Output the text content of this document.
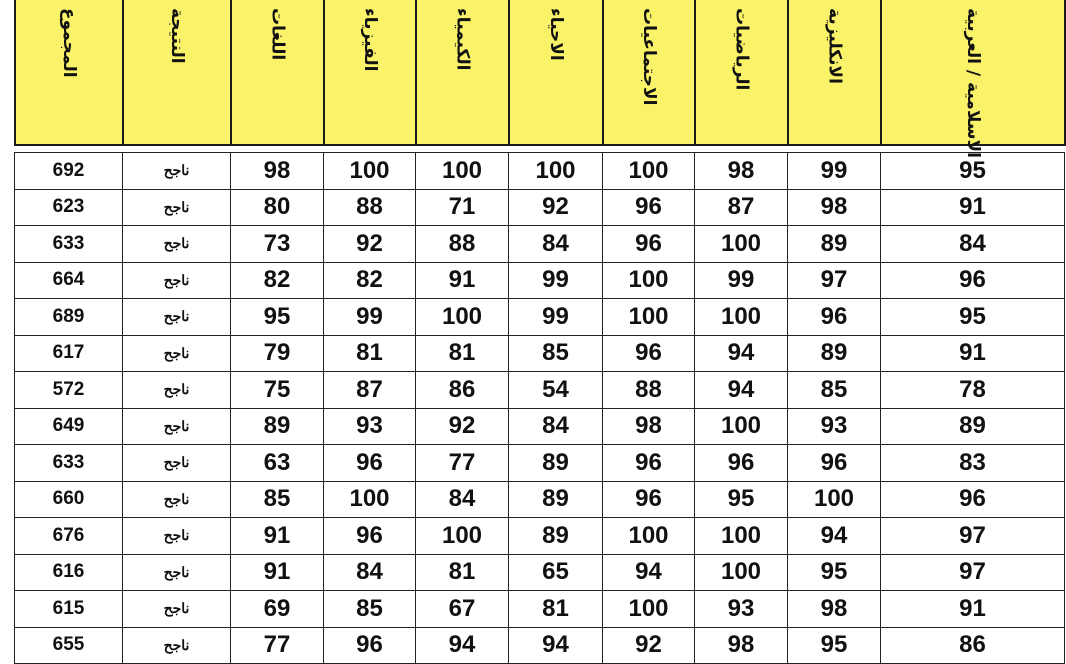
المجموع	النتيجة	اللغات	الفيزياء	الكيمياء	الاحياء	الاجتماعيات	الرياضيات	الانكليزية	الاسلامية / العربية
692	ناجح	98	100	100	100	100	98	99	95
623	ناجح	80	88	71	92	96	87	98	91
633	ناجح	73	92	88	84	96	100	89	84
664	ناجح	82	82	91	99	100	99	97	96
689	ناجح	95	99	100	99	100	100	96	95
617	ناجح	79	81	81	85	96	94	89	91
572	ناجح	75	87	86	54	88	94	85	78
649	ناجح	89	93	92	84	98	100	93	89
633	ناجح	63	96	77	89	96	96	96	83
660	ناجح	85	100	84	89	96	95	100	96
676	ناجح	91	96	100	89	100	100	94	97
616	ناجح	91	84	81	65	94	100	95	97
615	ناجح	69	85	67	81	100	93	98	91
655	ناجح	77	96	94	94	92	98	95	86
